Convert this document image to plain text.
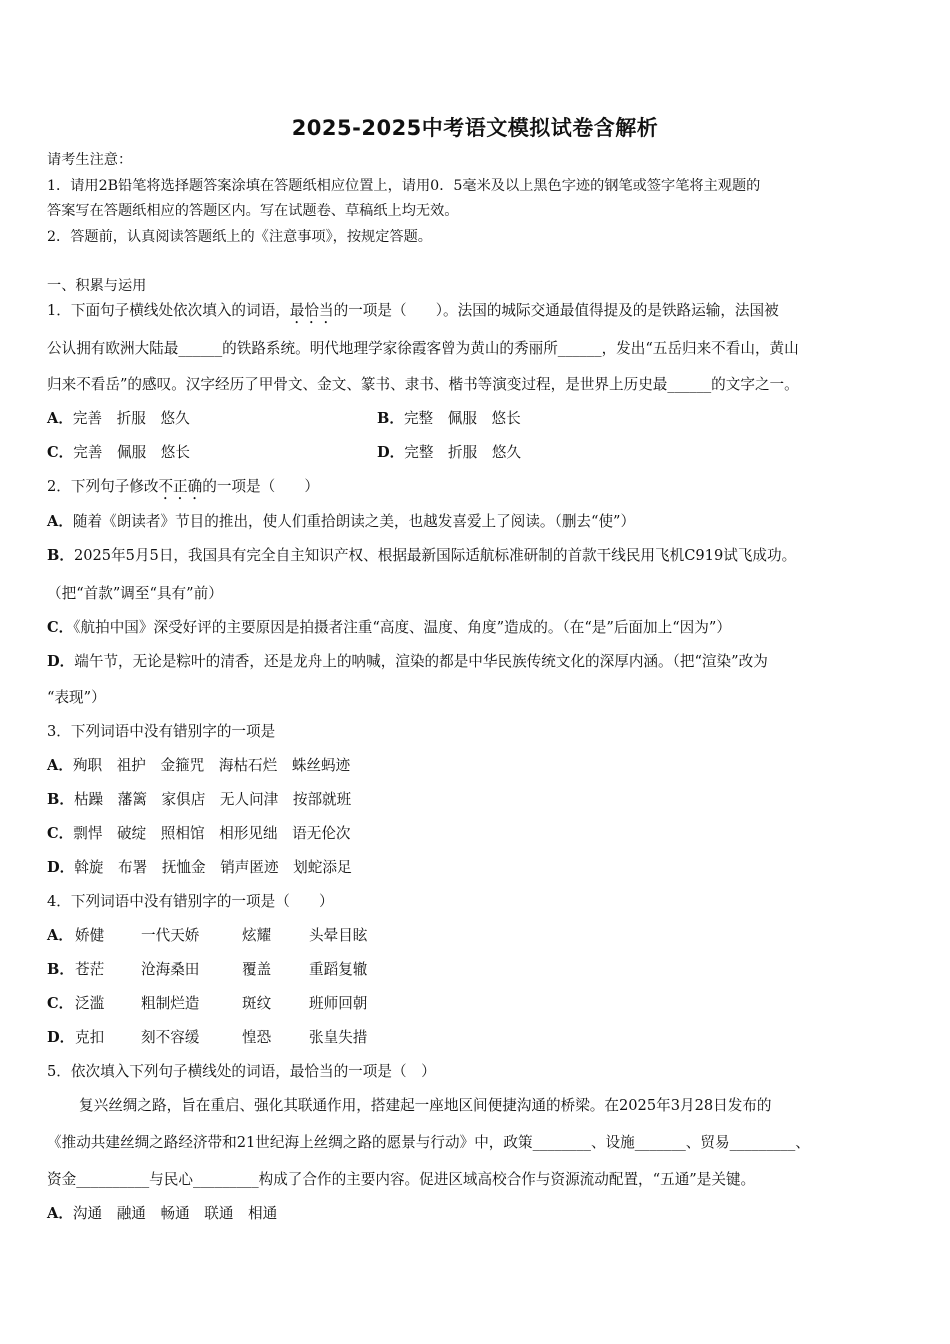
2025-2025中考语文模拟试卷含解析
请考生注意：
1．请用2B铅笔将选择题答案涂填在答题纸相应位置上，请用0．5毫米及以上黑色字迹的钢笔或签字笔将主观题的
答案写在答题纸相应的答题区内。写在试题卷、草稿纸上均无效。
2．答题前，认真阅读答题纸上的《注意事项》，按规定答题。
一、积累与运用
1．下面句子横线处依次填入的词语，最恰当的一项是（　　）。法国的城际交通最值得提及的是铁路运输，法国被
公认拥有欧洲大陆最______的铁路系统。明代地理学家徐霞客曾为黄山的秀丽所______，发出“五岳归来不看山，黄山
归来不看岳”的感叹。汉字经历了甲骨文、金文、篆书、隶书、楷书等演变过程，是世界上历史最______的文字之一。
A．完善　折服　悠久	B．完整　佩服　悠长
C．完善　佩服　悠长	D．完整　折服　悠久
2．下列句子修改不正确的一项是（　　）
A．随着《朗读者》节目的推出，使人们重拾朗读之美，也越发喜爱上了阅读。（删去“使”）
B．2025年5月5日，我国具有完全自主知识产权、根据最新国际适航标准研制的首款干线民用飞机C919试飞成功。
（把“首款”调至“具有”前）
C．《航拍中国》深受好评的主要原因是拍摄者注重“高度、温度、角度”造成的。（在“是”后面加上“因为”）
D．端午节，无论是粽叶的清香，还是龙舟上的呐喊，渲染的都是中华民族传统文化的深厚内涵。（把“渲染”改为
“表现”）
3．下列词语中没有错别字的一项是
A．殉职　祖护　金箍咒　海枯石烂　蛛丝蚂迹
B．枯躁　藩篱　家俱店　无人问津　按部就班
C．剽悍　破绽　照相馆　相形见绌　语无伦次
D．斡旋　布署　抚恤金　销声匿迹　划蛇添足
4．下列词语中没有错别字的一项是（　　）
A． 娇健	一代天娇	炫耀	头晕目眩
B． 苍茫	沧海桑田	覆盖	重蹈复辙
C． 泛滥	粗制烂造	斑纹	班师回朝
D． 克扣	刻不容缓	惶恐	张皇失措
5．依次填入下列句子横线处的词语，最恰当的一项是（　）
复兴丝绸之路，旨在重启、强化其联通作用，搭建起一座地区间便捷沟通的桥梁。在2025年3月28日发布的
《推动共建丝绸之路经济带和21世纪海上丝绸之路的愿景与行动》中，政策________、设施_______、贸易_________、
资金__________与民心_________构成了合作的主要内容。促进区域高校合作与资源流动配置，“五通”是关键。
A．沟通　融通　畅通　联通　相通
